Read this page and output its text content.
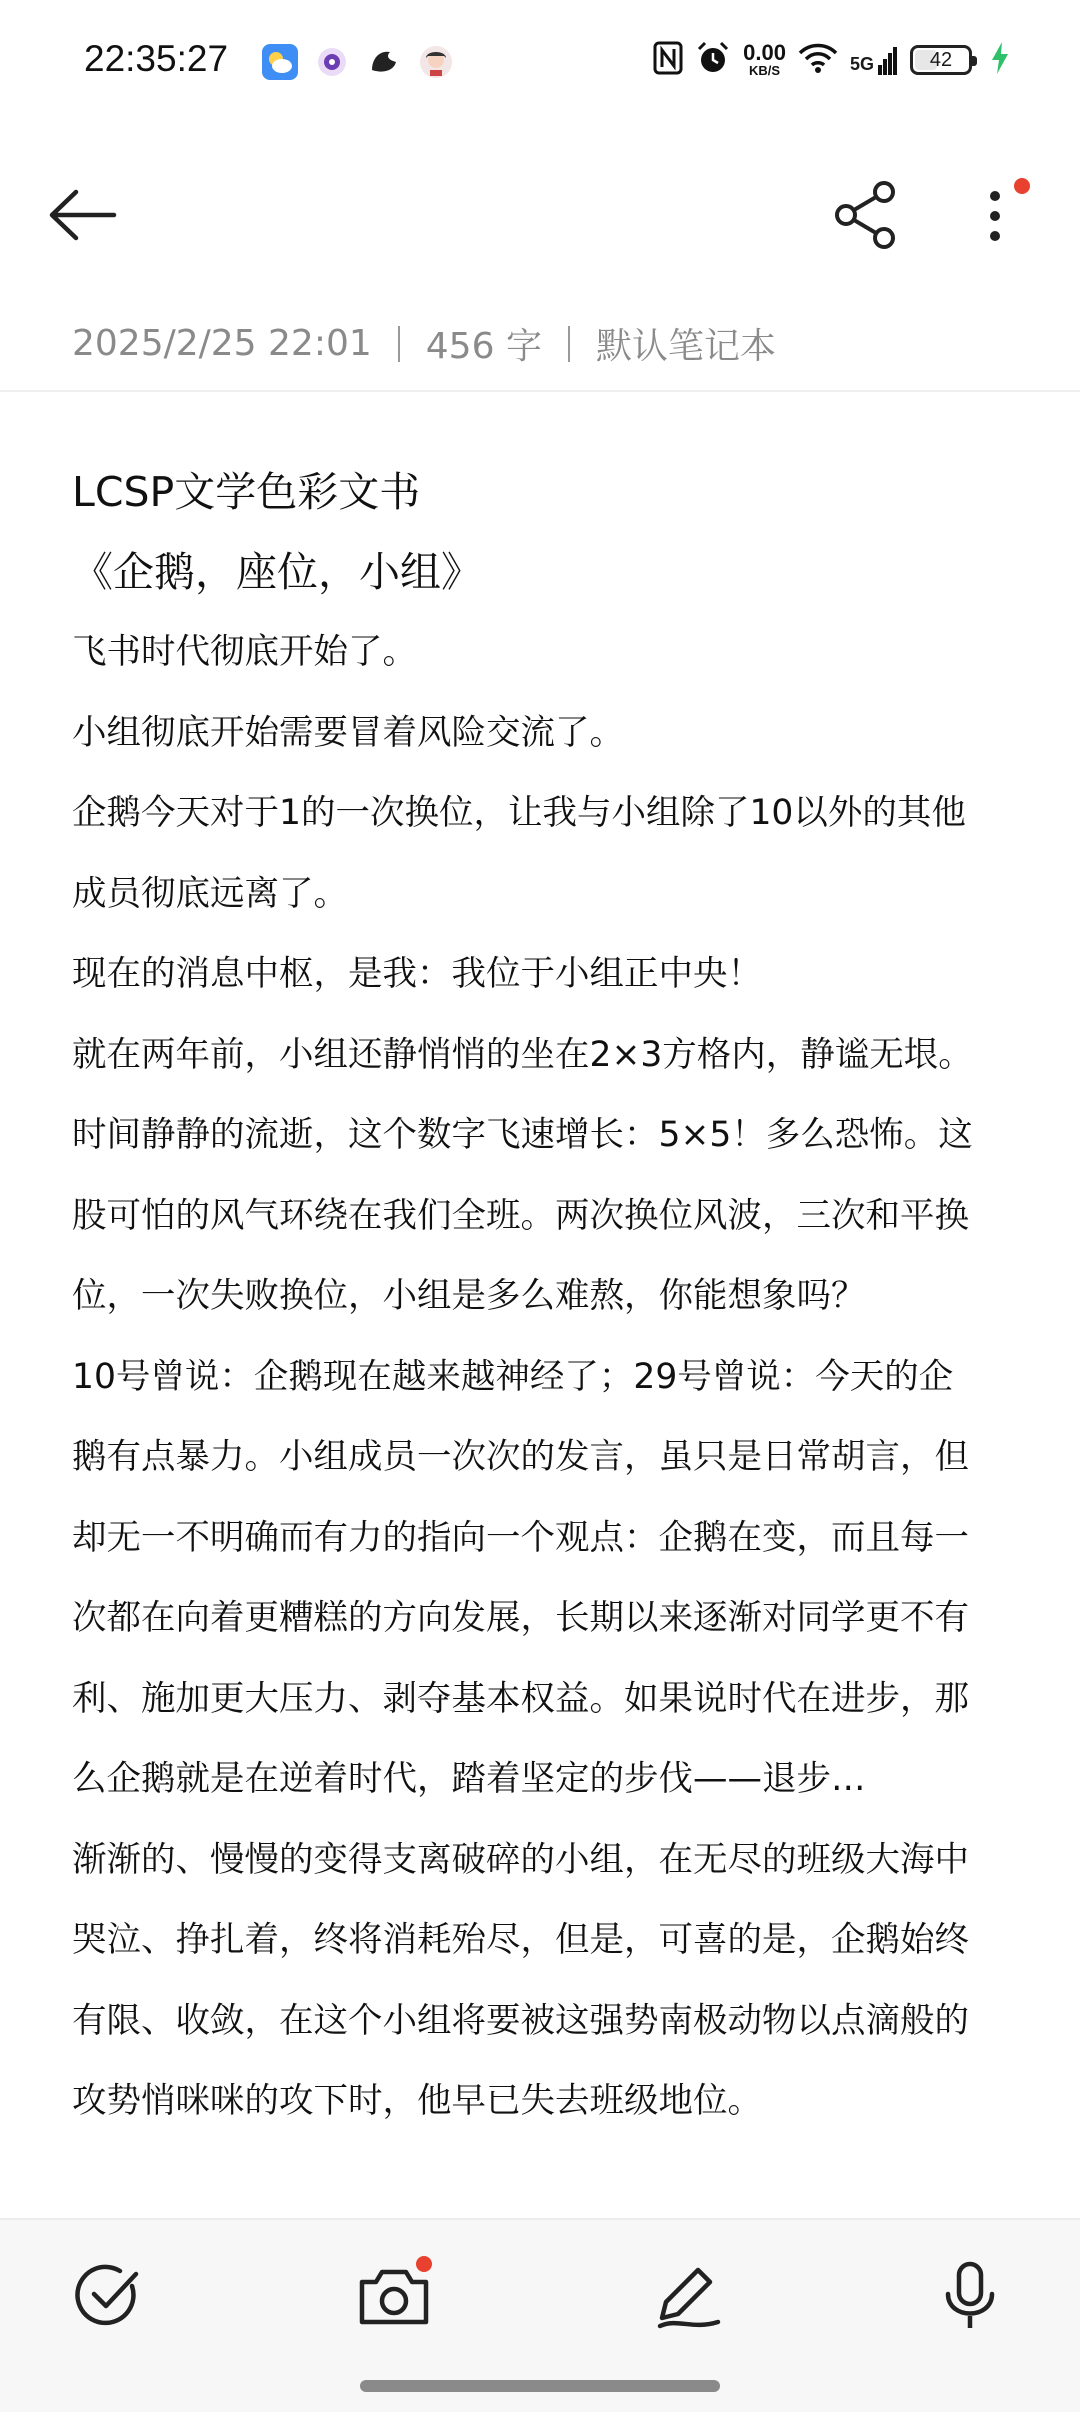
22:35:27	0.00
KB/S	5G	42
2025/2/25 22:01 456 字 默认笔记本
LCSP文学色彩文书
《企鹅，座位，小组》
飞书时代彻底开始了。
小组彻底开始需要冒着风险交流了。
企鹅今天对于1的一次换位，让我与小组除了10以外的其他
成员彻底远离了。
现在的消息中枢，是我：我位于小组正中央！
就在两年前，小组还静悄悄的坐在2×3方格内，静谧无垠。
时间静静的流逝，这个数字飞速增长：5×5！多么恐怖。这
股可怕的风气环绕在我们全班。两次换位风波，三次和平换
位，一次失败换位，小组是多么难熬，你能想象吗？
10号曾说：企鹅现在越来越神经了；29号曾说：今天的企
鹅有点暴力。小组成员一次次的发言，虽只是日常胡言，但
却无一不明确而有力的指向一个观点：企鹅在变，而且每一
次都在向着更糟糕的方向发展，长期以来逐渐对同学更不有
利、施加更大压力、剥夺基本权益。如果说时代在进步，那
么企鹅就是在逆着时代，踏着坚定的步伐——退步…
渐渐的、慢慢的变得支离破碎的小组，在无尽的班级大海中
哭泣、挣扎着，终将消耗殆尽，但是，可喜的是，企鹅始终
有限、收敛，在这个小组将要被这强势南极动物以点滴般的
攻势悄咪咪的攻下时，他早已失去班级地位。
